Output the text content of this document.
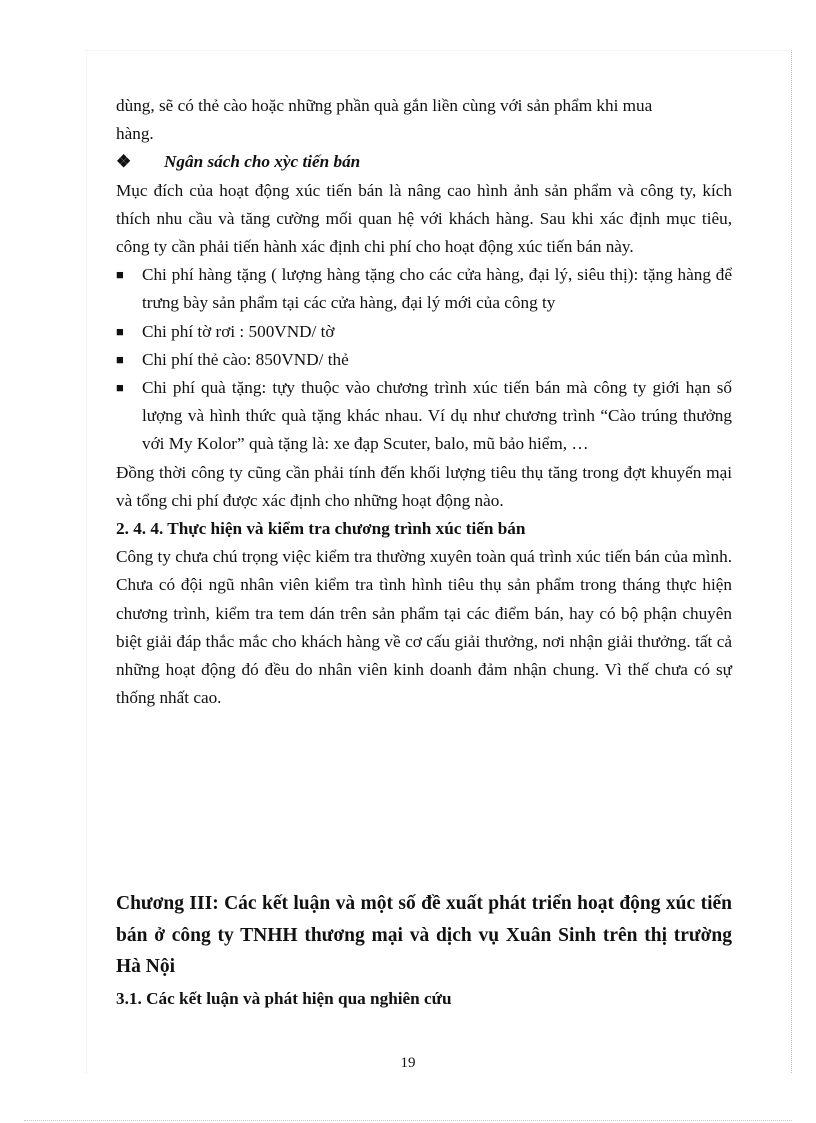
dùng, sẽ có thẻ cào hoặc những phần quà gắn liền cùng với sản phẩm khi mua

hàng.

❖	Ngân sách cho xỳc tiến bán

Mục đích của hoạt động xúc tiến bán là nâng cao hình ảnh sản phẩm và công ty, kích thích nhu cầu và tăng cường mối quan hệ với khách hàng. Sau khi xác định mục tiêu, công ty cần phải tiến hành xác định chi phí cho hoạt động xúc tiến bán này.

■	Chi phí hàng tặng ( lượng hàng tặng cho các cửa hàng, đại lý, siêu thị): tặng hàng để trưng bày sản phẩm tại các cửa hàng, đại lý mới của công ty
■	Chi phí tờ rơi : 500VND/ tờ
■	Chi phí thẻ cào: 850VND/ thẻ
■	Chi phí quà tặng: tựy thuộc vào chương trình xúc tiến bán mà công ty giới hạn số lượng và hình thức quà tặng khác nhau. Ví dụ như chương trình “Cào trúng thưởng với My Kolor” quà tặng là: xe đạp Scuter, balo, mũ bảo hiểm, …

Đồng thời công ty cũng cần phải tính đến khối lượng tiêu thụ tăng trong đợt khuyến mại và tổng chi phí được xác định cho những hoạt động nào.

2. 4. 4. Thực hiện và kiểm tra chương trình xúc tiến bán

Công ty chưa chú trọng việc kiểm tra thường xuyên toàn quá trình xúc tiến bán của mình. Chưa có đội ngũ nhân viên kiểm tra tình hình tiêu thụ sản phẩm trong tháng thực hiện chương trình, kiểm tra tem dán trên sản phẩm tại các điểm bán, hay có bộ phận chuyên biệt giải đáp thắc mắc cho khách hàng về cơ cấu giải thưởng, nơi nhận giải thưởng. tất cả những hoạt động đó đều do nhân viên kinh doanh đảm nhận chung. Vì thế chưa có sự thống nhất cao.

Chương III: Các kết luận và một số đề xuất phát triển hoạt động xúc tiến bán ở công ty TNHH thương mại và dịch vụ Xuân Sinh trên thị trường Hà Nội

3.1. Các kết luận và phát hiện qua nghiên cứu

19
